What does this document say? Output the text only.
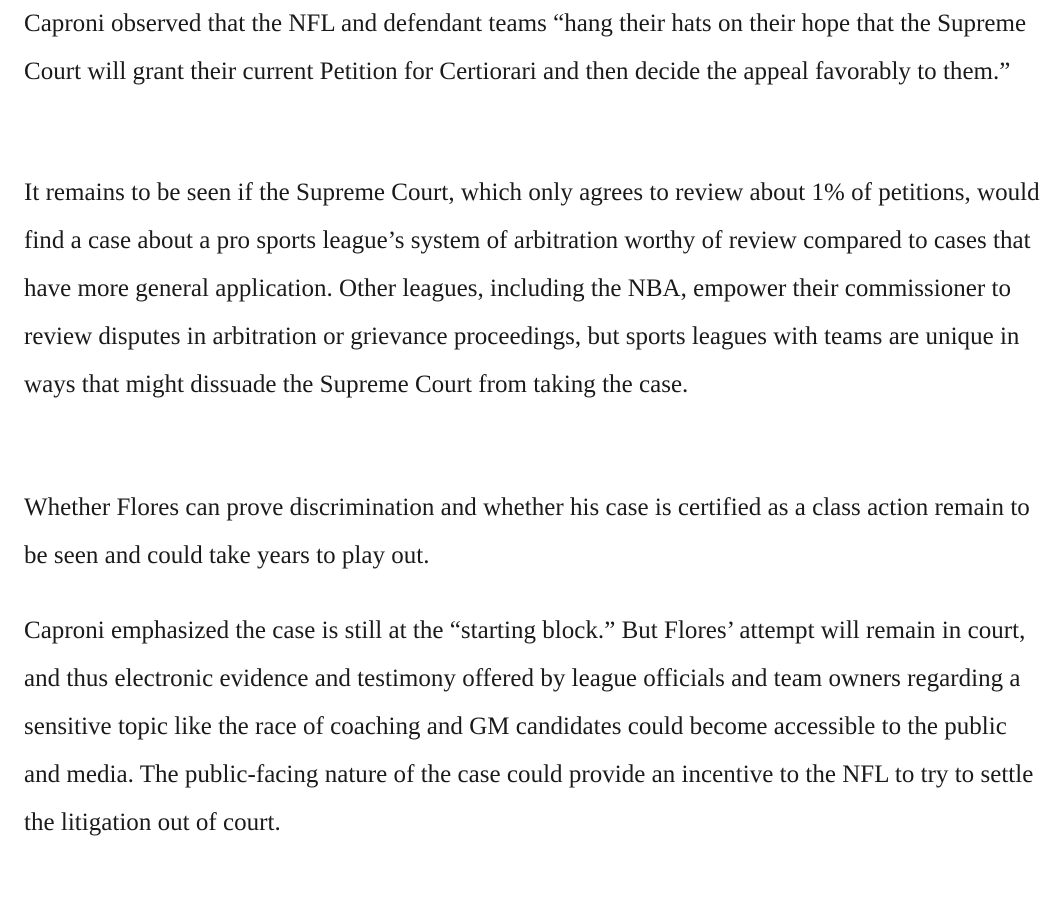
Caproni observed that the NFL and defendant teams “hang their hats on their hope that the Supreme Court will grant their current Petition for Certiorari and then decide the appeal favorably to them.”

It remains to be seen if the Supreme Court, which only agrees to review about 1% of petitions, would find a case about a pro sports league’s system of arbitration worthy of review compared to cases that have more general application. Other leagues, including the NBA, empower their commissioner to review disputes in arbitration or grievance proceedings, but sports leagues with teams are unique in ways that might dissuade the Supreme Court from taking the case.

Whether Flores can prove discrimination and whether his case is certified as a class action remain to be seen and could take years to play out.

Caproni emphasized the case is still at the “starting block.” But Flores’ attempt will remain in court, and thus electronic evidence and testimony offered by league officials and team owners regarding a sensitive topic like the race of coaching and GM candidates could become accessible to the public and media. The public-facing nature of the case could provide an incentive to the NFL to try to settle the litigation out of court.
